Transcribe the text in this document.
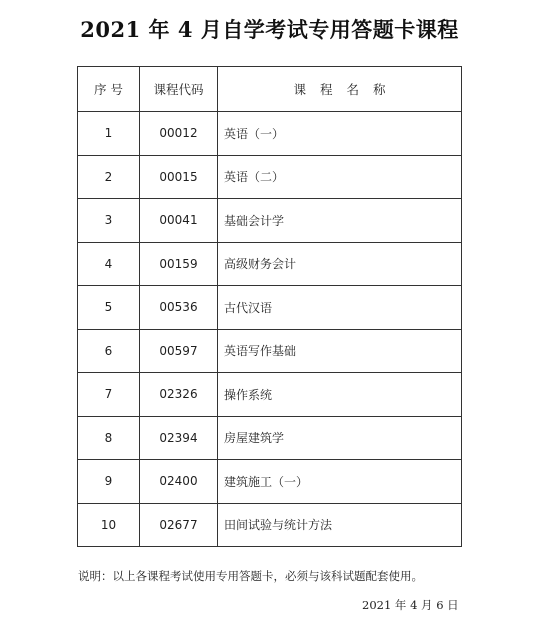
2021 年 4 月自学考试专用答题卡课程
序 号	课程代码	课 程 名 称
1	00012	英语（一）
2	00015	英语（二）
3	00041	基础会计学
4	00159	高级财务会计
5	00536	古代汉语
6	00597	英语写作基础
7	02326	操作系统
8	02394	房屋建筑学
9	02400	建筑施工（一）
10	02677	田间试验与统计方法
说明：以上各课程考试使用专用答题卡，必须与该科试题配套使用。
2021 年 4 月 6 日
